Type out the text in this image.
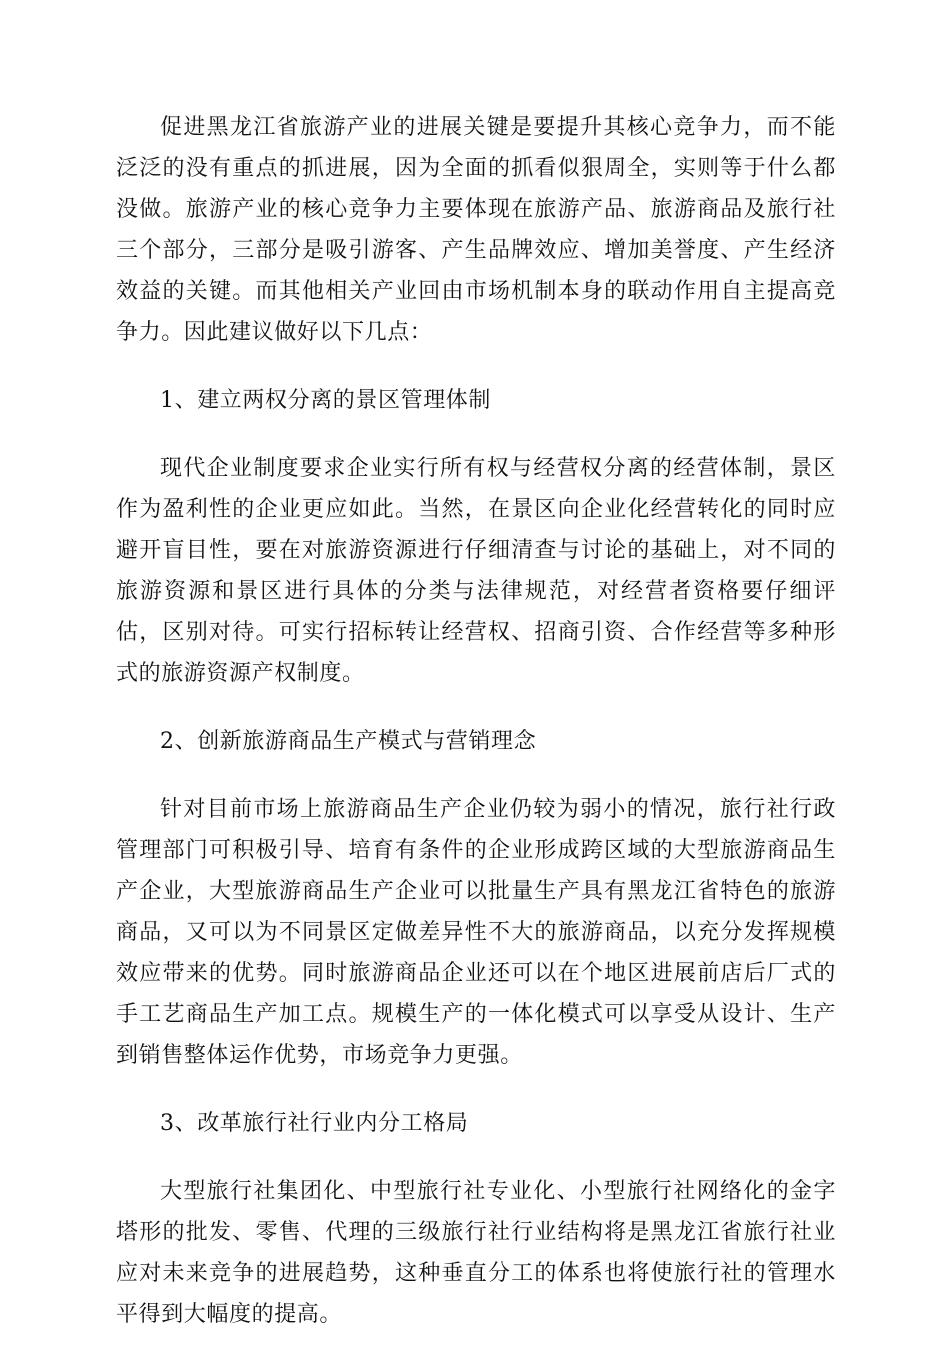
促进黑龙江省旅游产业的进展关键是要提升其核心竞争力，而不能泛泛的没有重点的抓进展，因为全面的抓看似狠周全，实则等于什么都没做。旅游产业的核心竞争力主要体现在旅游产品、旅游商品及旅行社三个部分，三部分是吸引游客、产生品牌效应、增加美誉度、产生经济效益的关键。而其他相关产业回由市场机制本身的联动作用自主提高竞争力。因此建议做好以下几点：

1、建立两权分离的景区管理体制

现代企业制度要求企业实行所有权与经营权分离的经营体制，景区作为盈利性的企业更应如此。当然，在景区向企业化经营转化的同时应避开盲目性，要在对旅游资源进行仔细清查与讨论的基础上，对不同的旅游资源和景区进行具体的分类与法律规范，对经营者资格要仔细评估，区别对待。可实行招标转让经营权、招商引资、合作经营等多种形式的旅游资源产权制度。

2、创新旅游商品生产模式与营销理念

针对目前市场上旅游商品生产企业仍较为弱小的情况，旅行社行政管理部门可积极引导、培育有条件的企业形成跨区域的大型旅游商品生产企业，大型旅游商品生产企业可以批量生产具有黑龙江省特色的旅游商品，又可以为不同景区定做差异性不大的旅游商品，以充分发挥规模效应带来的优势。同时旅游商品企业还可以在个地区进展前店后厂式的手工艺商品生产加工点。规模生产的一体化模式可以享受从设计、生产到销售整体运作优势，市场竞争力更强。

3、改革旅行社行业内分工格局

大型旅行社集团化、中型旅行社专业化、小型旅行社网络化的金字塔形的批发、零售、代理的三级旅行社行业结构将是黑龙江省旅行社业应对未来竞争的进展趋势，这种垂直分工的体系也将使旅行社的管理水平得到大幅度的提高。
